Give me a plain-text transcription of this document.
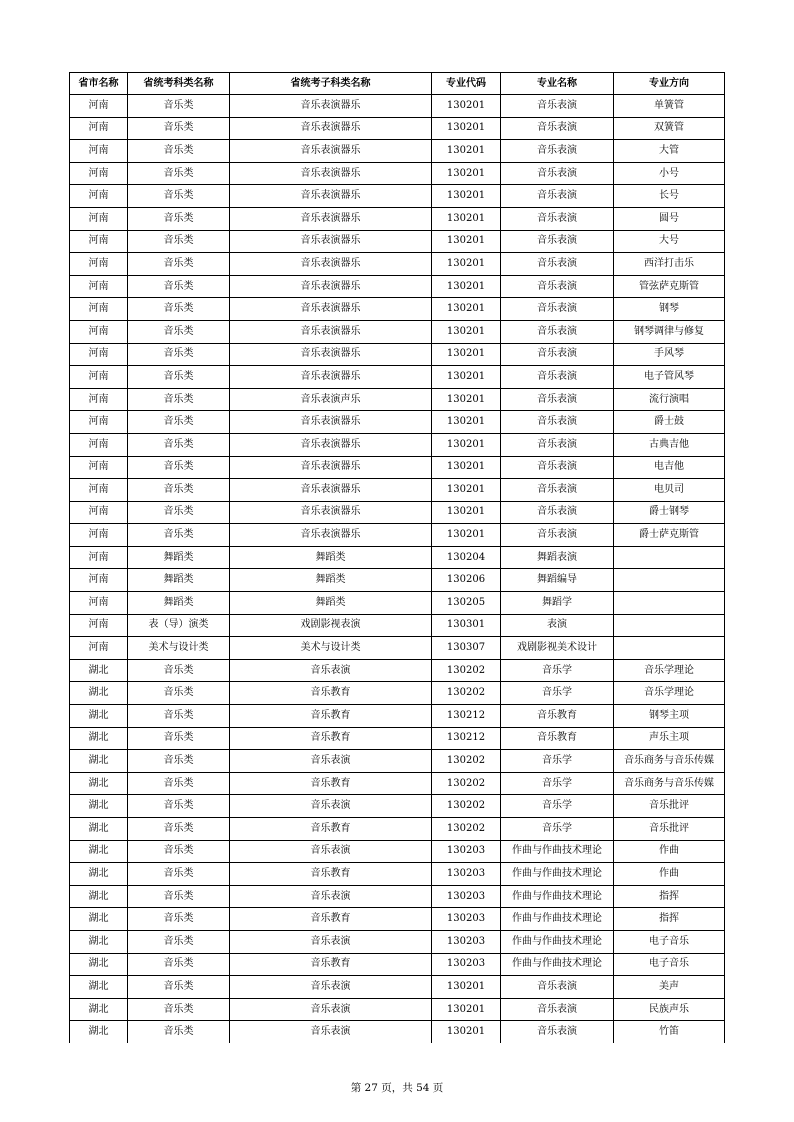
省市名称	省统考科类名称	省统考子科类名称	专业代码	专业名称	专业方向
河南	音乐类	音乐表演器乐	130201	音乐表演	单簧管
河南	音乐类	音乐表演器乐	130201	音乐表演	双簧管
河南	音乐类	音乐表演器乐	130201	音乐表演	大管
河南	音乐类	音乐表演器乐	130201	音乐表演	小号
河南	音乐类	音乐表演器乐	130201	音乐表演	长号
河南	音乐类	音乐表演器乐	130201	音乐表演	圆号
河南	音乐类	音乐表演器乐	130201	音乐表演	大号
河南	音乐类	音乐表演器乐	130201	音乐表演	西洋打击乐
河南	音乐类	音乐表演器乐	130201	音乐表演	管弦萨克斯管
河南	音乐类	音乐表演器乐	130201	音乐表演	钢琴
河南	音乐类	音乐表演器乐	130201	音乐表演	钢琴调律与修复
河南	音乐类	音乐表演器乐	130201	音乐表演	手风琴
河南	音乐类	音乐表演器乐	130201	音乐表演	电子管风琴
河南	音乐类	音乐表演声乐	130201	音乐表演	流行演唱
河南	音乐类	音乐表演器乐	130201	音乐表演	爵士鼓
河南	音乐类	音乐表演器乐	130201	音乐表演	古典吉他
河南	音乐类	音乐表演器乐	130201	音乐表演	电吉他
河南	音乐类	音乐表演器乐	130201	音乐表演	电贝司
河南	音乐类	音乐表演器乐	130201	音乐表演	爵士钢琴
河南	音乐类	音乐表演器乐	130201	音乐表演	爵士萨克斯管
河南	舞蹈类	舞蹈类	130204	舞蹈表演	
河南	舞蹈类	舞蹈类	130206	舞蹈编导	
河南	舞蹈类	舞蹈类	130205	舞蹈学	
河南	表（导）演类	戏剧影视表演	130301	表演	
河南	美术与设计类	美术与设计类	130307	戏剧影视美术设计	
湖北	音乐类	音乐表演	130202	音乐学	音乐学理论
湖北	音乐类	音乐教育	130202	音乐学	音乐学理论
湖北	音乐类	音乐教育	130212	音乐教育	钢琴主项
湖北	音乐类	音乐教育	130212	音乐教育	声乐主项
湖北	音乐类	音乐表演	130202	音乐学	音乐商务与音乐传媒
湖北	音乐类	音乐教育	130202	音乐学	音乐商务与音乐传媒
湖北	音乐类	音乐表演	130202	音乐学	音乐批评
湖北	音乐类	音乐教育	130202	音乐学	音乐批评
湖北	音乐类	音乐表演	130203	作曲与作曲技术理论	作曲
湖北	音乐类	音乐教育	130203	作曲与作曲技术理论	作曲
湖北	音乐类	音乐表演	130203	作曲与作曲技术理论	指挥
湖北	音乐类	音乐教育	130203	作曲与作曲技术理论	指挥
湖北	音乐类	音乐表演	130203	作曲与作曲技术理论	电子音乐
湖北	音乐类	音乐教育	130203	作曲与作曲技术理论	电子音乐
湖北	音乐类	音乐表演	130201	音乐表演	美声
湖北	音乐类	音乐表演	130201	音乐表演	民族声乐
湖北	音乐类	音乐表演	130201	音乐表演	竹笛
第 27 页，共 54 页
